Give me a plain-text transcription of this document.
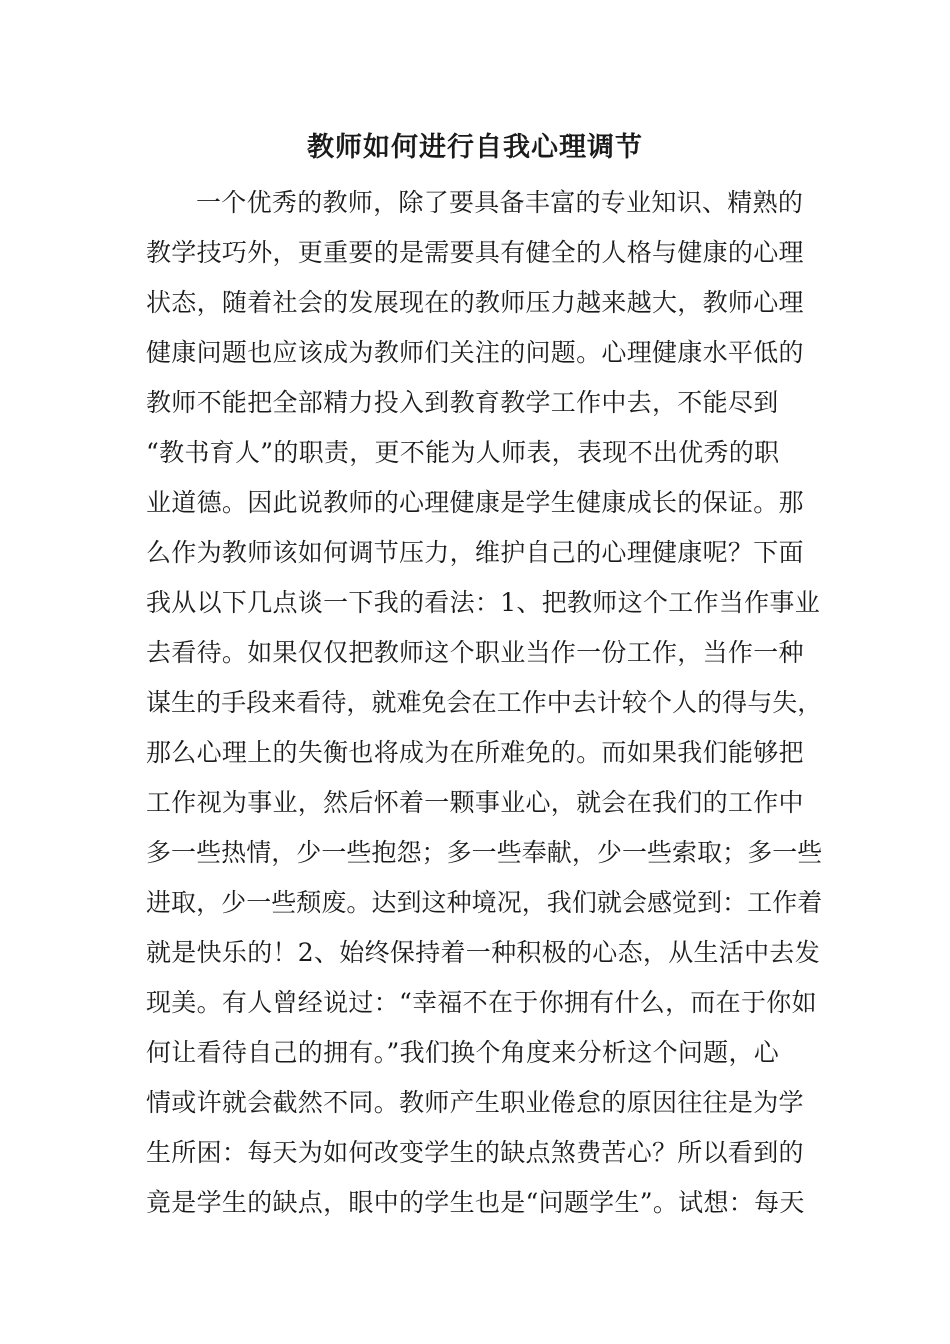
教师如何进行自我心理调节
一个优秀的教师，除了要具备丰富的专业知识、精熟的
教学技巧外，更重要的是需要具有健全的人格与健康的心理
状态，随着社会的发展现在的教师压力越来越大，教师心理
健康问题也应该成为教师们关注的问题。心理健康水平低的
教师不能把全部精力投入到教育教学工作中去，不能尽到
“教书育人”的职责，更不能为人师表，表现不出优秀的职
业道德。因此说教师的心理健康是学生健康成长的保证。那
么作为教师该如何调节压力，维护自己的心理健康呢？下面
我从以下几点谈一下我的看法：1、把教师这个工作当作事业
去看待。如果仅仅把教师这个职业当作一份工作，当作一种
谋生的手段来看待，就难免会在工作中去计较个人的得与失，
那么心理上的失衡也将成为在所难免的。而如果我们能够把
工作视为事业，然后怀着一颗事业心，就会在我们的工作中
多一些热情，少一些抱怨；多一些奉献，少一些索取；多一些
进取，少一些颓废。达到这种境况，我们就会感觉到：工作着
就是快乐的！2、始终保持着一种积极的心态，从生活中去发
现美。有人曾经说过：“幸福不在于你拥有什么，而在于你如
何让看待自己的拥有。”我们换个角度来分析这个问题，心
情或许就会截然不同。教师产生职业倦怠的原因往往是为学
生所困：每天为如何改变学生的缺点煞费苦心？所以看到的
竟是学生的缺点，眼中的学生也是“问题学生”。试想：每天
